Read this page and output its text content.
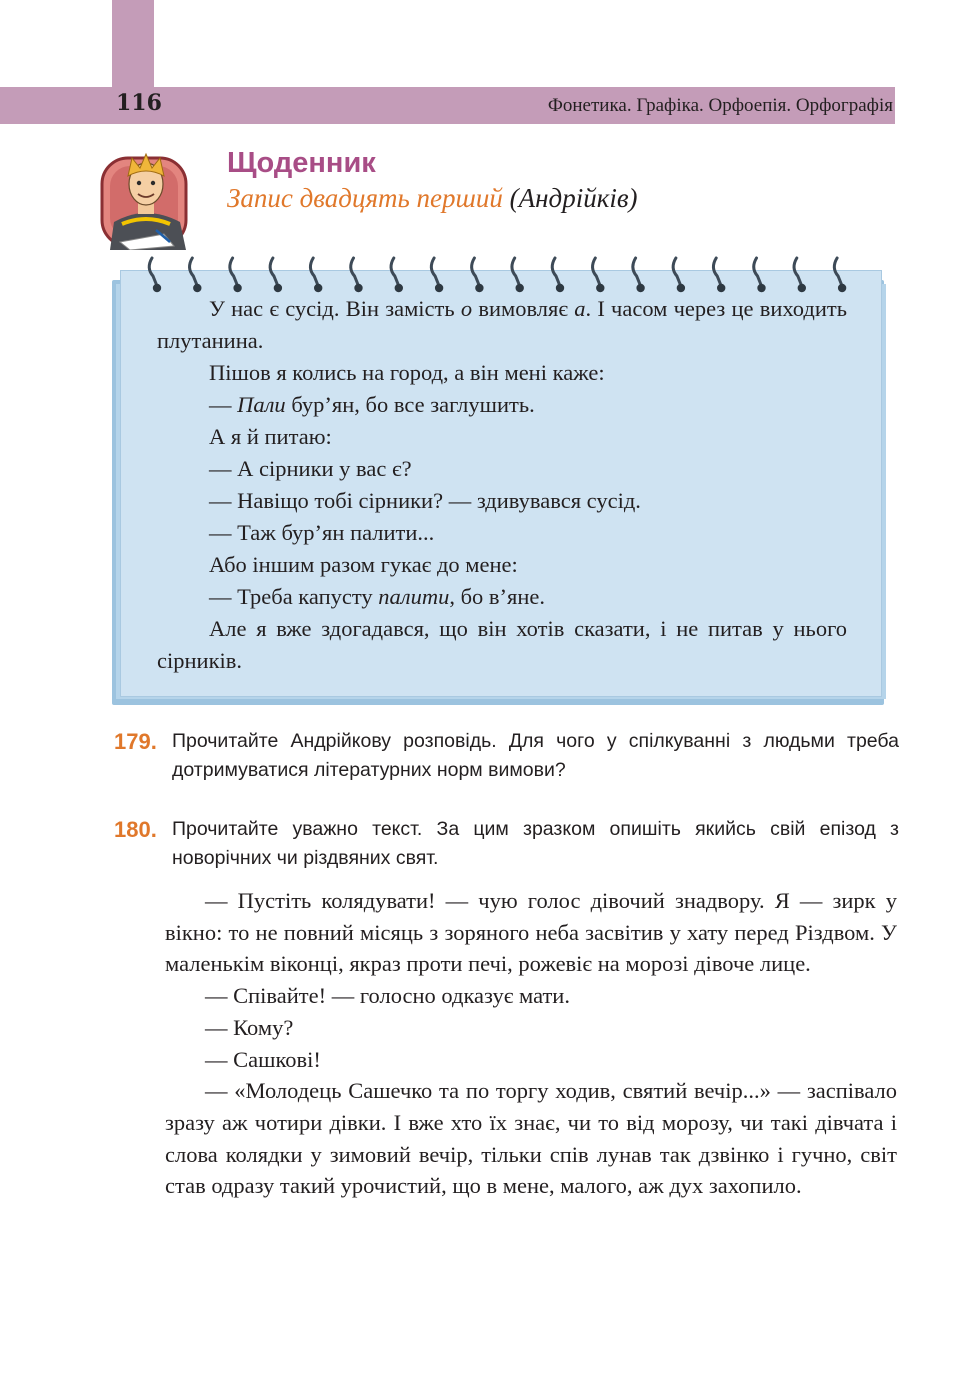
116	Фонетика. Графіка. Орфоепія. Орфографія
Щоденник
Запис двадцять перший (Андрійків)

У нас є сусід. Він замість о вимовляє а. І часом через це виходить плутанина.

Пішов я колись на город, а він мені каже:

— Пали бур’ян, бо все заглушить.

А я й питаю:

— А сірники у вас є?

— Навіщо тобі сірники? — здивувався сусід.

— Таж бур’ян палити...

Або іншим разом гукає до мене:

— Треба капусту палити, бо в’яне.

Але я вже здогадався, що він хотів сказати, і не питав у нього сірників.

179. Прочитайте Андрійкову розповідь. Для чого у спілкуванні з людьми треба дотримуватися літературних норм вимови?
180. Прочитайте уважно текст. За цим зразком опишіть якийсь свій епізод з новорічних чи різдвяних свят.

— Пустіть колядувати! — чую голос дівочий знадвору. Я — зирк у вікно: то не повний місяць з зоряного неба засвітив у хату перед Різдвом. У маленькім віконці, якраз проти печі, рожевіє на морозі дівоче лице.

— Співайте! — голосно одказує мати.

— Кому?

— Сашкові!

— «Молодець Сашечко та по торгу ходив, святий вечір...» — заспівало зразу аж чотири дівки. І вже хто їх знає, чи то від морозу, чи такі дівчата і слова колядки у зимовий вечір, тільки спів лунав так дзвінко і гучно, світ став одразу такий урочистий, що в мене, малого, аж дух захопило.
